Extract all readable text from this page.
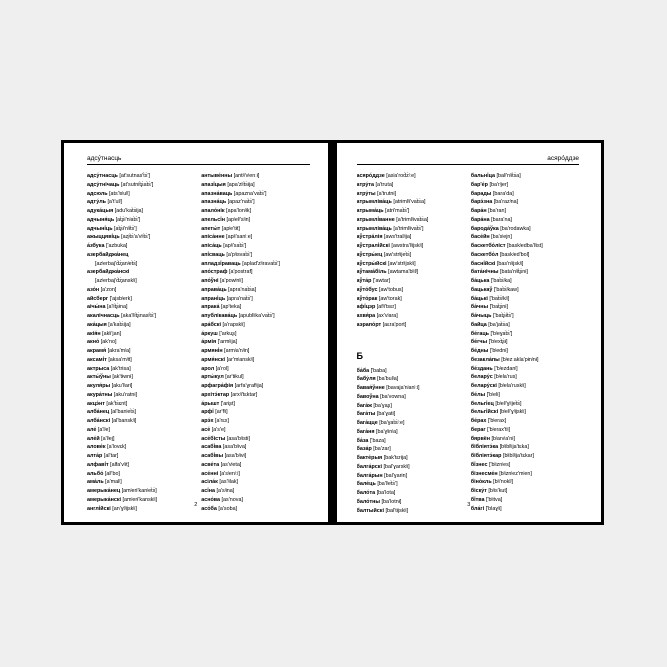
адсу́тнасць
адсу́тнасць [at'sutnas't͡s']
адсу́тнічаць [at'sutnit͡ʂat͡s']
адсюль [ats'ʲsʲulʲ]
адту́ль [a't'ulʲ]
адука́цыя [adu'kat͡sija]
адчыня́ць [at͡ʂɨ'nʲat͡s']
адчыні́ць [at͡ʂɨ'nʲit͡s']
ажыццяві́ць [aʐɨt͡s'a'vʲit͡s']
а́збука ['azbuka]
азербайджа́нец
[azʲerbaj'd͡ʐanʲet͡s]
азербайджа́нскі
[azʲerbaj'd͡ʐanskʲi]
азо́н [a'zon]
айсберг ['ajsbʲerk]
аічы́на [a'ʲit͡ʂɨna]
акалічнасць [aka'lʲit͡ʂnasʲt͡s']
ака́цыя [a'kat͡sija]
акія́н [akʲi'jan]
акно́ [ak'no]
акрамя́ [akra'mʲa]
аксамі́т [aksa'mʲit]
актрыса [ak'trɨsa]
акты́ўны [ak'tɨwnɨ]
акуля́ры [aku'lʲarɨ]
акура́тны [aku'ratnɨ]
акцэ́нт [ak't͡sɛnt]
алба́нец [al'banʲet͡s]
алба́нскі [al'banskʲi]
але́ [a'lʲe]
але́й [a'lʲej]
алове́к [a'lovɛk]
алта́р [al'tar]
алфаві́т [alfa'vʲit]
альбо́ [alʲ'bo]
ама́ль [a'malʲ]
амерыка́нец [amʲerɨ'kanʲet͡s]
амерыка́нскі [amʲerɨ'kanskʲi]
англі́йскі [an'ɣlʲijskʲi]
антыве́нны [antʲɨ'vʲenːɨ]
апазі́цыя [apa'zʲit͡sɨja]
апазна́ваць [apazna'vat͡s']
апазна́ць [apaz'nat͡s']
апало́нік [apa'lonʲik]
апельсі́н [apʲelʲ'sʲin]
апеты́т [apʲe'tɨt]
апіса́нне [apʲi'sanʲːe]
апіса́ць [apʲi'sat͡s']
апі́сваць [a'pʲisvat͡s']
апладзі́раваць [aplad'zʲiravat͡s']
апо́страф [a'postraf]
апо́ўні [a'powʲnʲi]
аправа́ць [apra'nat͡sa]
апрані́ць [apra'nat͡s']
апрака́ [ap'teka]
апублікава́ць [apublʲika'vat͡s']
ара́бскі [a'rapskʲi]
а́ркуш ['arkuʂ]
а́рмія ['armʲija]
армяні́н [armʲa'nʲin]
армя́нскі [ar'mʲanskʲi]
арол [a'rol]
арты́кул [ar'tɨkul]
арфагра́фія [arfa'ɣrafʲija]
архітэ́ктар [arxʲi'tɛktar]
а́рышт ['arɨʂt]
арфі́ [ar'fʲi]
арэ́х [a'rɛx]
асе́ [a's'e]
асе́бісты [asa'bʲistɨ]
асабі́ва [asa'bʲiva]
асабі́вы [asa'bʲivɨ]
асве́та [as'vʲeta]
асе́нні [a'sʲenʲːi]
асіла́к [as'ʲilak]
асі́на [a'sʲina]
асно́ва [as'nova]
асо́ба [a'soba]
2
асяро́ддзе
асяро́ддзе [asʲa'rod͡zʲːe]
атру́та [a'truta]
атру́ты [a'trutnɨ]
атрымліва́ць [atrɨmlʲi'vat͡sa]
атрыма́ць [atrɨ'mat͡s']
атрымлі́ванне [a'trɨmlʲivat͡sa]
атрымліва́ць [a'trɨmlʲivat͡s']
аўстра́лія [aws'tralʲija]
аўстралі́йскі [awstra'lʲijskʲi]
аўстры́ец [aw'strʲijet͡s]
аўстры́йскі [aw'strʲijskʲi]
аўтама́біль [awtama'bʲilʲ]
аўта́р ['awtar]
аўто́бус [aw'tobus]
аўто́рак [aw'torak]
афі́цэр [afʲi'tsɛr]
ахвя́ра [ax'vʲara]
аэрапо́рт [aɛra'port]
Б
ба́ба ['baba]
бабу́ля [ba'bulʲa]
бавая́ўнне [bavaja'nʲanʲːi]
бавоўна [ba'vowna]
бага́ж [ba'ɣaʂ]
бага́ты [ba'ɣatɨ]
бага́цце [ba'ɣat͡sʲːe]
бага́ня [ba'ɣʲinʲa]
ба́за ['baza]
база́р [ba'zar]
бакте́рыя [bak'tɛrɨja]
балга́рскі [bal'ɣarskʲi]
балга́рын [bal'ɣarɨn]
бале́ць [ba'lʲet͡s']
бало́та [ba'lota]
бало́тны [ba'lotnɨ]
балтыйскі [bal'tɨjskʲi]
бальні́ца [balʲ'nʲit͡sa]
бар'е́р [ba'rʲjer]
барады [bara'da]
барэ́зна [ba'razʲna]
бара́н [ba'ran]
бара́на [bara'na]
барода́ўка [ba'rodawka]
басе́йн [ba'sʲejn]
баскетбо́ліст [baskʲedba'lʲist]
баскетбо́л [baskʲed'bol]
басні́йскі [bas'nʲijskʲi]
бата́нічны [bata'nʲit͡ʂnɨ]
ба́цька ['bat͡sʲka]
бацькаў ['bat͡sʲkaw]
ба́цькі ['bat͡sʲkʲi]
ба́чны ['bat͡ʂnɨ]
ба́чыць ['bat͡ʂɨt͡s']
байца [ba'jat͡sa]
бе́гаць ['bʲeɣat͡s']
бе́гчы ['bʲext͡ʂɨ]
бе́дны ['bʲednɨ]
безакла́пы [bʲezːakla'pɨnʲnɨ]
бе́здань ['bʲezdanʲ]
белару́с [bʲela'rus]
белару́скі [bʲela'ruskʲi]
бе́лы ['bʲelɨ]
бельгі́ец [bʲelʲ'ɣʲijet͡s]
бельгі́йскі [bʲelʲ'ɣʲijskʲi]
бе́рах ['bʲerax]
бераг ['bʲerax'tʲi]
бярвён [bʲarvʲa'nɨ]
бібліятэ́ка [bʲiblʲija'tɛka]
бібліятэ́кар [bʲiblʲija'tɛkar]
бі́знес ['bʲiznʲes]
бізнесме́н [bʲiznʲez'mʲen]
біно́кль [bʲi'noklʲ]
біску́т [bʲis'kut]
бі́тва ['bʲitva]
бла́гі ['blaɣʲi]
3
